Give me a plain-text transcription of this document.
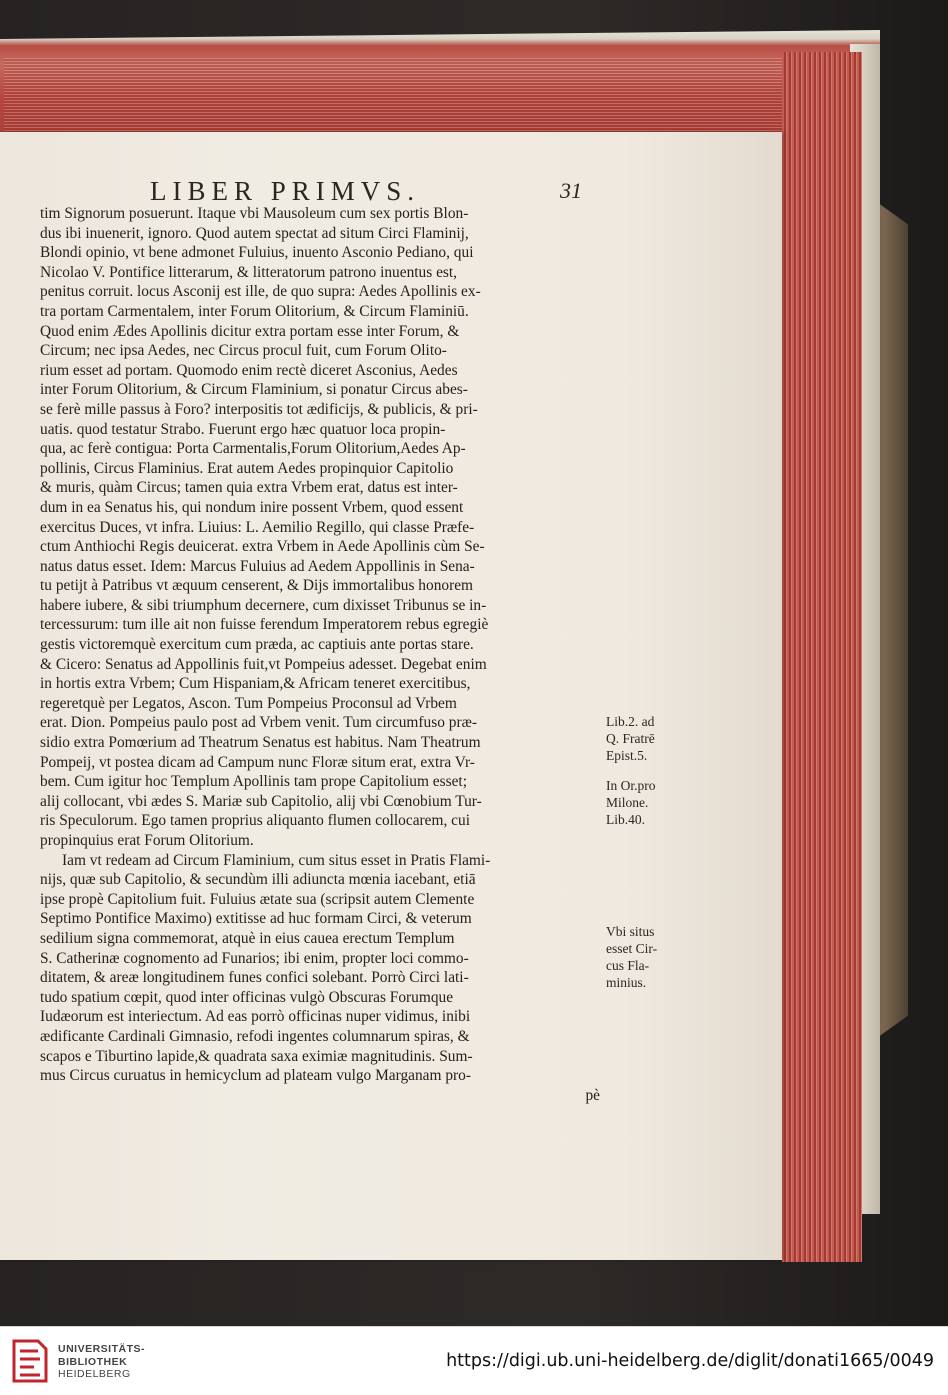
LIBER PRIMVS.	31
tim Signorum posuerunt. Itaque vbi Mausoleum cum sex portis Blon-
dus ibi inuenerit, ignoro. Quod autem spectat ad situm Circi Flaminij,
Blondi opinio, vt bene admonet Fuluius, inuento Asconio Pediano, qui
Nicolao V. Pontifice litterarum, & litteratorum patrono inuentus est,
penitus corruit. locus Asconij est ille, de quo supra: Aedes Apollinis ex-
tra portam Carmentalem, inter Forum Olitorium, & Circum Flaminiū.
Quod enim Ædes Apollinis dicitur extra portam esse inter Forum, &
Circum; nec ipsa Aedes, nec Circus procul fuit, cum Forum Olito-
rium esset ad portam. Quomodo enim rectè diceret Asconius, Aedes
inter Forum Olitorium, & Circum Flaminium, si ponatur Circus abes-
se ferè mille passus à Foro? interpositis tot ædificijs, & publicis, & pri-
uatis. quod testatur Strabo. Fuerunt ergo hæc quatuor loca propin-
qua, ac ferè contigua: Porta Carmentalis,Forum Olitorium,Aedes Ap-
pollinis, Circus Flaminius. Erat autem Aedes propinquior Capitolio
& muris, quàm Circus; tamen quia extra Vrbem erat, datus est inter-
dum in ea Senatus his, qui nondum inire possent Vrbem, quod essent
exercitus Duces, vt infra. Liuius: L. Aemilio Regillo, qui classe Præfe-
ctum Anthiochi Regis deuicerat. extra Vrbem in Aede Apollinis cùm Se-
natus datus esset. Idem: Marcus Fuluius ad Aedem Appollinis in Sena-
tu petijt à Patribus vt æquum censerent, & Dijs immortalibus honorem
habere iubere, & sibi triumphum decernere, cum dixisset Tribunus se in-
tercessurum: tum ille ait non fuisse ferendum Imperatorem rebus egregiè
gestis victoremquè exercitum cum præda, ac captiuis ante portas stare.
& Cicero: Senatus ad Appollinis fuit,vt Pompeius adesset. Degebat enim
in hortis extra Vrbem; Cum Hispaniam,& Africam teneret exercitibus,
regeretquè per Legatos, Ascon. Tum Pompeius Proconsul ad Vrbem
erat. Dion. Pompeius paulo post ad Vrbem venit. Tum circumfuso præ-
sidio extra Pomœrium ad Theatrum Senatus est habitus. Nam Theatrum
Pompeij, vt postea dicam ad Campum nunc Floræ situm erat, extra Vr-
bem. Cum igitur hoc Templum Apollinis tam prope Capitolium esset;
alij collocant, vbi ædes S. Mariæ sub Capitolio, alij vbi Cœnobium Tur-
ris Speculorum. Ego tamen proprius aliquanto flumen collocarem, cui
propinquius erat Forum Olitorium.
Iam vt redeam ad Circum Flaminium, cum situs esset in Pratis Flami-
nijs, quæ sub Capitolio, & secundùm illi adiuncta mœnia iacebant, etiā
ipse propè Capitolium fuit. Fuluius ætate sua (scripsit autem Clemente
Septimo Pontifice Maximo) extitisse ad huc formam Circi, & veterum
sedilium signa commemorat, atquè in eius cauea erectum Templum
S. Catherinæ cognomento ad Funarios; ibi enim, propter loci commo-
ditatem, & areæ longitudinem funes confici solebant. Porrò Circi lati-
tudo spatium cœpit, quod inter officinas vulgò Obscuras Forumque
Iudæorum est interiectum. Ad eas porrò officinas nuper vidimus, inibi
ædificante Cardinali Gimnasio, refodi ingentes columnarum spiras, &
scapos e Tiburtino lapide,& quadrata saxa eximiæ magnitudinis. Sum-
mus Circus curuatus in hemicyclum ad plateam vulgo Marganam pro-
pè
Lib.2. ad
Q. Fratrē
Epist.5.
In Or.pro
Milone.
Lib.40.
Vbi situs
esset Cir-
cus Fla-
minius.
UNIVERSITÄTS-
BIBLIOTHEK
HEIDELBERG
https://digi.ub.uni-heidelberg.de/diglit/donati1665/0049
